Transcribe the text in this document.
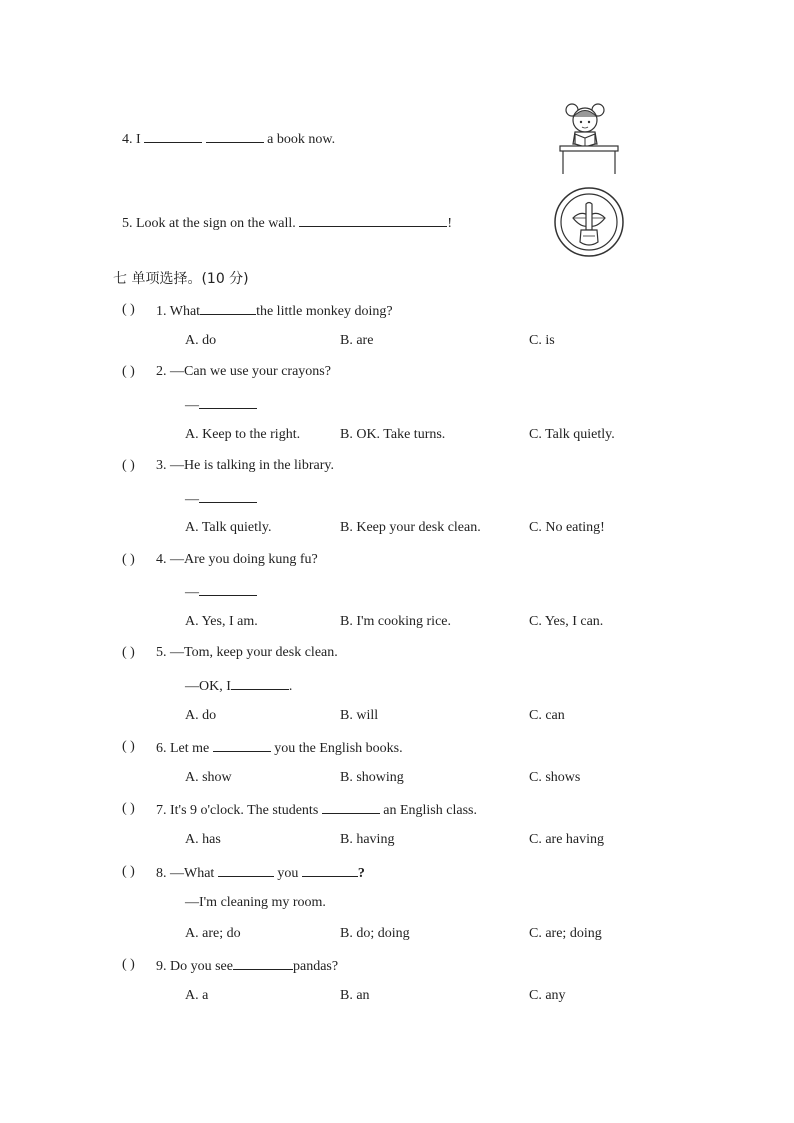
4. I	a book now.
5. Look at the sign on the wall.	!
七 单项选择。(10 分)
( ) 1. What	the little monkey doing?
A. do	B. are	C. is
( ) 2. —Can we use your crayons?
—
A. Keep to the right.	B. OK. Take turns.	C. Talk quietly.
( ) 3. —He is talking in the library.
—
A. Talk quietly.	B. Keep your desk clean.	C. No eating!
( ) 4. —Are you doing kung fu?
—
A. Yes, I am.	B. I'm cooking rice.	C. Yes, I can.
( ) 5. —Tom, keep your desk clean.
—OK, I	.
A. do	B. will	C. can
( ) 6. Let me	you the English books.
A. show	B. showing	C. shows
( ) 7. It's 9 o'clock. The students	an English class.
A. has	B. having	C. are having
( ) 8. —What	you	?
—I'm cleaning my room.
A. are; do	B. do; doing	C. are; doing
( ) 9. Do you see	pandas?
A. a	B. an	C. any
